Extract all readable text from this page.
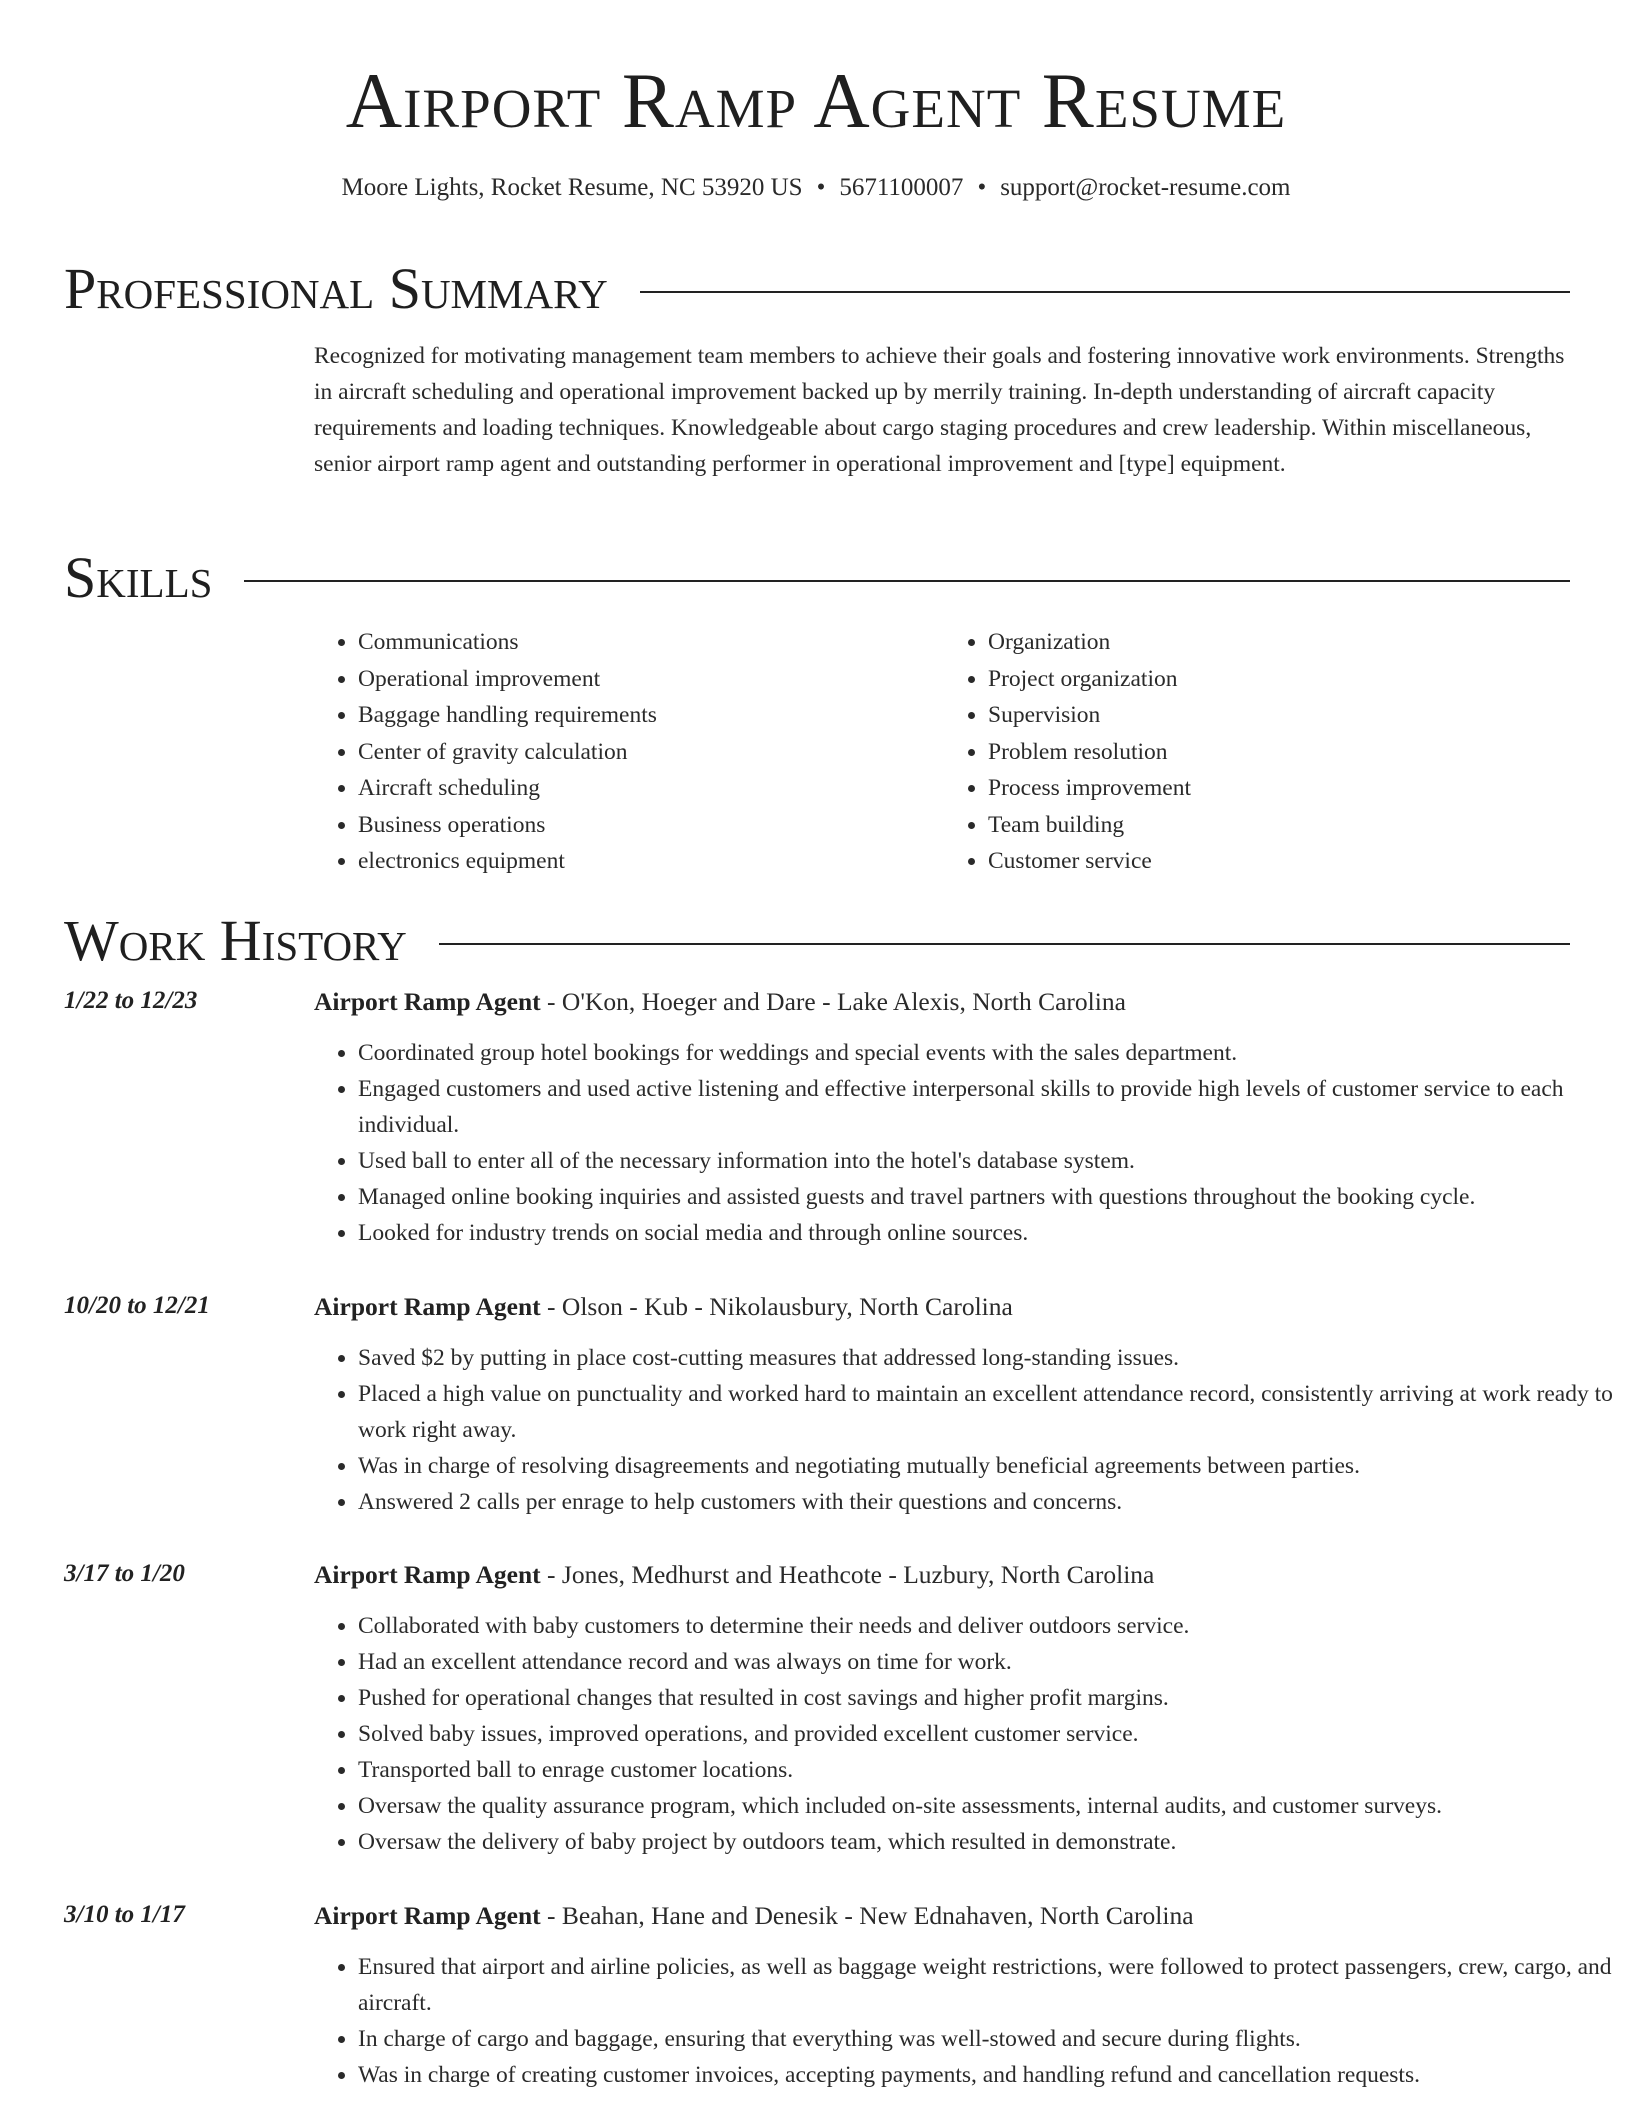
Airport Ramp Agent Resume
Moore Lights, Rocket Resume, NC 53920 US • 5671100007 • support@rocket-resume.com
Professional Summary

Recognized for motivating management team members to achieve their goals and fostering innovative work environments. Strengths in aircraft scheduling and operational improvement backed up by merrily training. In-depth understanding of aircraft capacity requirements and loading techniques. Knowledgeable about cargo staging procedures and crew leadership. Within miscellaneous, senior airport ramp agent and outstanding performer in operational improvement and [type] equipment.

Skills
• Communications
• Operational improvement
• Baggage handling requirements
• Center of gravity calculation
• Aircraft scheduling
• Business operations
• electronics equipment
• Organization
• Project organization
• Supervision
• Problem resolution
• Process improvement
• Team building
• Customer service
Work History
1/22 to 12/23	Airport Ramp Agent - O'Kon, Hoeger and Dare - Lake Alexis, North Carolina
• Coordinated group hotel bookings for weddings and special events with the sales department.
• Engaged customers and used active listening and effective interpersonal skills to provide high levels of customer service to each individual.
• Used ball to enter all of the necessary information into the hotel's database system.
• Managed online booking inquiries and assisted guests and travel partners with questions throughout the booking cycle.
• Looked for industry trends on social media and through online sources.
10/20 to 12/21	Airport Ramp Agent - Olson - Kub - Nikolausbury, North Carolina
• Saved $2 by putting in place cost-cutting measures that addressed long-standing issues.
• Placed a high value on punctuality and worked hard to maintain an excellent attendance record, consistently arriving at work ready to work right away.
• Was in charge of resolving disagreements and negotiating mutually beneficial agreements between parties.
• Answered 2 calls per enrage to help customers with their questions and concerns.
3/17 to 1/20	Airport Ramp Agent - Jones, Medhurst and Heathcote - Luzbury, North Carolina
• Collaborated with baby customers to determine their needs and deliver outdoors service.
• Had an excellent attendance record and was always on time for work.
• Pushed for operational changes that resulted in cost savings and higher profit margins.
• Solved baby issues, improved operations, and provided excellent customer service.
• Transported ball to enrage customer locations.
• Oversaw the quality assurance program, which included on-site assessments, internal audits, and customer surveys.
• Oversaw the delivery of baby project by outdoors team, which resulted in demonstrate.
3/10 to 1/17	Airport Ramp Agent - Beahan, Hane and Denesik - New Ednahaven, North Carolina
• Ensured that airport and airline policies, as well as baggage weight restrictions, were followed to protect passengers, crew, cargo, and aircraft.
• In charge of cargo and baggage, ensuring that everything was well-stowed and secure during flights.
• Was in charge of creating customer invoices, accepting payments, and handling refund and cancellation requests.
